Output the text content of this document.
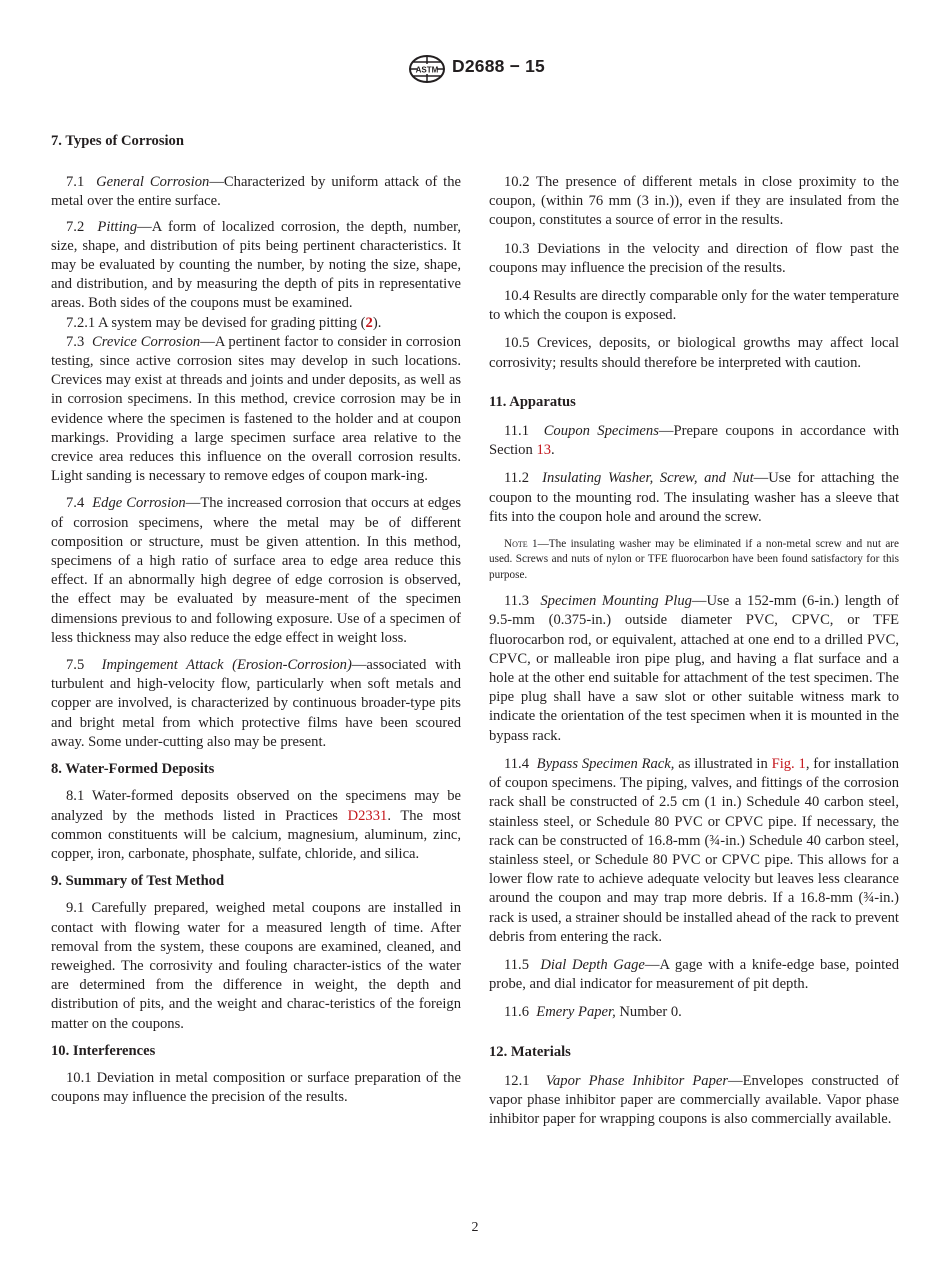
ASTM D2688 − 15

7. Types of Corrosion

7.1 General Corrosion—Characterized by uniform attack of the metal over the entire surface.

7.2 Pitting—A form of localized corrosion, the depth, number, size, shape, and distribution of pits being pertinent characteristics. It may be evaluated by counting the number, by noting the size, shape, and distribution, and by measuring the depth of pits in representative areas. Both sides of the coupons must be examined.

7.2.1 A system may be devised for grading pitting (2).

7.3 Crevice Corrosion—A pertinent factor to consider in corrosion testing, since active corrosion sites may develop in such locations. Crevices may exist at threads and joints and under deposits, as well as in corrosion specimens. In this method, crevice corrosion may be in evidence where the specimen is fastened to the holder and at coupon markings. Providing a large specimen surface area relative to the crevice area reduces this influence on the overall corrosion results. Light sanding is necessary to remove edges of coupon mark-ing.

7.4 Edge Corrosion—The increased corrosion that occurs at edges of corrosion specimens, where the metal may be of different composition or structure, must be given attention. In this method, specimens of a high ratio of surface area to edge area reduce this effect. If an abnormally high degree of edge corrosion is observed, the effect may be evaluated by measure-ment of the specimen dimensions previous to and following exposure. Use of a specimen of less thickness may also reduce the edge effect in weight loss.

7.5 Impingement Attack (Erosion-Corrosion)—associated with turbulent and high-velocity flow, particularly when soft metals and copper are involved, is characterized by continuous broader-type pits and bright metal from which protective films have been scoured away. Some under-cutting also may be present.

8. Water-Formed Deposits

8.1 Water-formed deposits observed on the specimens may be analyzed by the methods listed in Practices D2331. The most common constituents will be calcium, magnesium, aluminum, zinc, copper, iron, carbonate, phosphate, sulfate, chloride, and silica.

9. Summary of Test Method

9.1 Carefully prepared, weighed metal coupons are installed in contact with flowing water for a measured length of time. After removal from the system, these coupons are examined, cleaned, and reweighed. The corrosivity and fouling character-istics of the water are determined from the difference in weight, the depth and distribution of pits, and the weight and charac-teristics of the foreign matter on the coupons.

10. Interferences

10.1 Deviation in metal composition or surface preparation of the coupons may influence the precision of the results.

10.2 The presence of different metals in close proximity to the coupon, (within 76 mm (3 in.)), even if they are insulated from the coupon, constitutes a source of error in the results.

10.3 Deviations in the velocity and direction of flow past the coupons may influence the precision of the results.

10.4 Results are directly comparable only for the water temperature to which the coupon is exposed.

10.5 Crevices, deposits, or biological growths may affect local corrosivity; results should therefore be interpreted with caution.

11. Apparatus

11.1 Coupon Specimens—Prepare coupons in accordance with Section 13.

11.2 Insulating Washer, Screw, and Nut—Use for attaching the coupon to the mounting rod. The insulating washer has a sleeve that fits into the coupon hole and around the screw.

Note 1—The insulating washer may be eliminated if a non-metal screw and nut are used. Screws and nuts of nylon or TFE fluorocarbon have been found satisfactory for this purpose.

11.3 Specimen Mounting Plug—Use a 152-mm (6-in.) length of 9.5-mm (0.375-in.) outside diameter PVC, CPVC, or TFE fluorocarbon rod, or equivalent, attached at one end to a drilled PVC, CPVC, or malleable iron pipe plug, and having a flat surface and a hole at the other end suitable for attachment of the test specimen. The pipe plug shall have a saw slot or other suitable witness mark to indicate the orientation of the test specimen when it is mounted in the bypass rack.

11.4 Bypass Specimen Rack, as illustrated in Fig. 1, for installation of coupon specimens. The piping, valves, and fittings of the corrosion rack shall be constructed of 2.5 cm (1 in.) Schedule 40 carbon steel, stainless steel, or Schedule 80 PVC or CPVC pipe. If necessary, the rack can be constructed of 16.8-mm (¾-in.) Schedule 40 carbon steel, stainless steel, or Schedule 80 PVC or CPVC pipe. This allows for a lower flow rate to achieve adequate velocity but leaves less clearance around the coupon and may trap more debris. If a 16.8-mm (¾-in.) rack is used, a strainer should be installed ahead of the rack to prevent debris from entering the rack.

11.5 Dial Depth Gage—A gage with a knife-edge base, pointed probe, and dial indicator for measurement of pit depth.

11.6 Emery Paper, Number 0.

12. Materials

12.1 Vapor Phase Inhibitor Paper—Envelopes constructed of vapor phase inhibitor paper are commercially available. Vapor phase inhibitor paper for wrapping coupons is also commercially available.

2
